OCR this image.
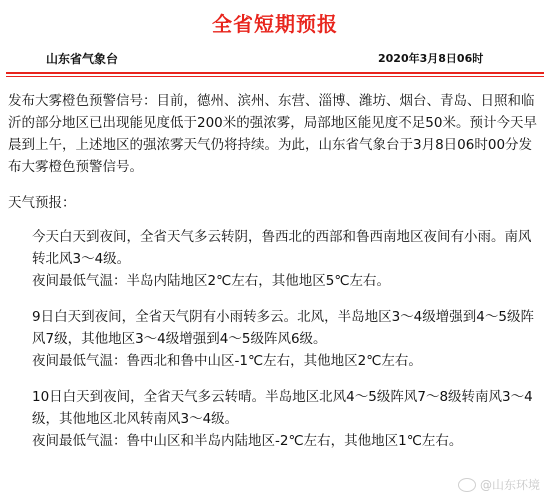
全省短期预报
山东省气象台	2020年3月8日06时

发布大雾橙色预警信号：目前，德州、滨州、东营、淄博、潍坊、烟台、青岛、日照和临沂的部分地区已出现能见度低于200米的强浓雾，局部地区能见度不足50米。预计今天早晨到上午，上述地区的强浓雾天气仍将持续。为此，山东省气象台于3月8日06时00分发布大雾橙色预警信号。

天气预报：

今天白天到夜间，全省天气多云转阴，鲁西北的西部和鲁西南地区夜间有小雨。南风转北风3～4级。

夜间最低气温：半岛内陆地区2℃左右，其他地区5℃左右。

9日白天到夜间，全省天气阴有小雨转多云。北风，半岛地区3～4级增强到4～5级阵风7级，其他地区3～4级增强到4～5级阵风6级。

夜间最低气温：鲁西北和鲁中山区-1℃左右，其他地区2℃左右。

10日白天到夜间，全省天气多云转晴。半岛地区北风4～5级阵风7～8级转南风3～4级，其他地区北风转南风3～4级。

夜间最低气温：鲁中山区和半岛内陆地区-2℃左右，其他地区1℃左右。

@山东环境
